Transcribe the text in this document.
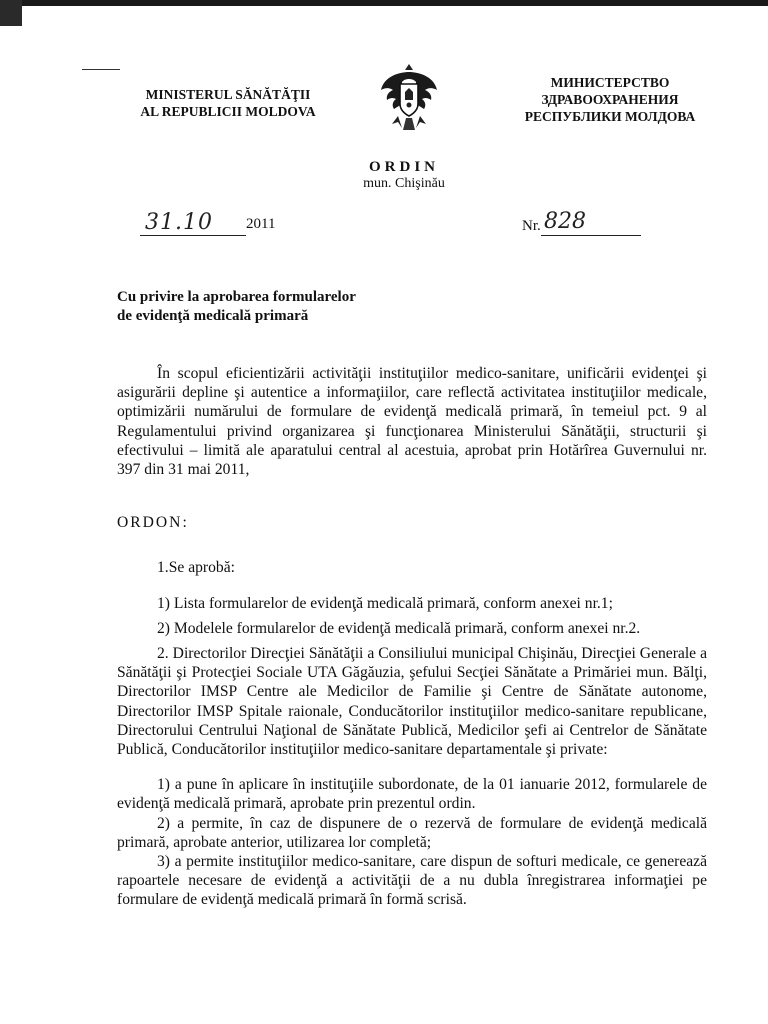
MINISTERUL SĂNĂTĂŢII
AL REPUBLICII MOLDOVA
МИНИСТЕРСТВО
ЗДРАВООХРАНЕНИЯ
РЕСПУБЛИКИ МОЛДОВА
ORDIN
mun. Chişinău
31.10 2011	Nr. 828
Cu privire la aprobarea formularelor
de evidenţă medicală primară

În scopul eficientizării activităţii instituţiilor medico-sanitare, unificării evidenţei şi asigurării depline şi autentice a informaţiilor, care reflectă activitatea instituţiilor medicale, optimizării numărului de formulare de evidenţă medicală primară, în temeiul pct. 9 al Regulamentului privind organizarea şi funcţionarea Ministerului Sănătăţii, structurii şi efectivului – limită ale aparatului central al acestuia, aprobat prin Hotărîrea Guvernului nr. 397 din 31 mai 2011,

ORDON:

1.Se aprobă:

1) Lista formularelor de evidenţă medicală primară, conform anexei nr.1;

2) Modelele formularelor de evidenţă medicală primară, conform anexei nr.2.

2. Directorilor Direcţiei Sănătăţii a Consiliului municipal Chişinău, Direcţiei Generale a Sănătăţii şi Protecţiei Sociale UTA Găgăuzia, şefului Secţiei Sănătate a Primăriei mun. Bălţi, Directorilor IMSP Centre ale Medicilor de Familie şi Centre de Sănătate autonome, Directorilor IMSP Spitale raionale, Conducătorilor instituţiilor medico-sanitare republicane, Directorului Centrului Naţional de Sănătate Publică, Medicilor şefi ai Centrelor de Sănătate Publică, Conducătorilor instituţiilor medico-sanitare departamentale şi private:

1) a pune în aplicare în instituţiile subordonate, de la 01 ianuarie 2012, formularele de evidenţă medicală primară, aprobate prin prezentul ordin.

2) a permite, în caz de dispunere de o rezervă de formulare de evidenţă medicală primară, aprobate anterior, utilizarea lor completă;

3) a permite instituţiilor medico-sanitare, care dispun de softuri medicale, ce generează rapoartele necesare de evidenţă a activităţii de a nu dubla înregistrarea informaţiei pe formulare de evidenţă medicală primară în formă scrisă.
